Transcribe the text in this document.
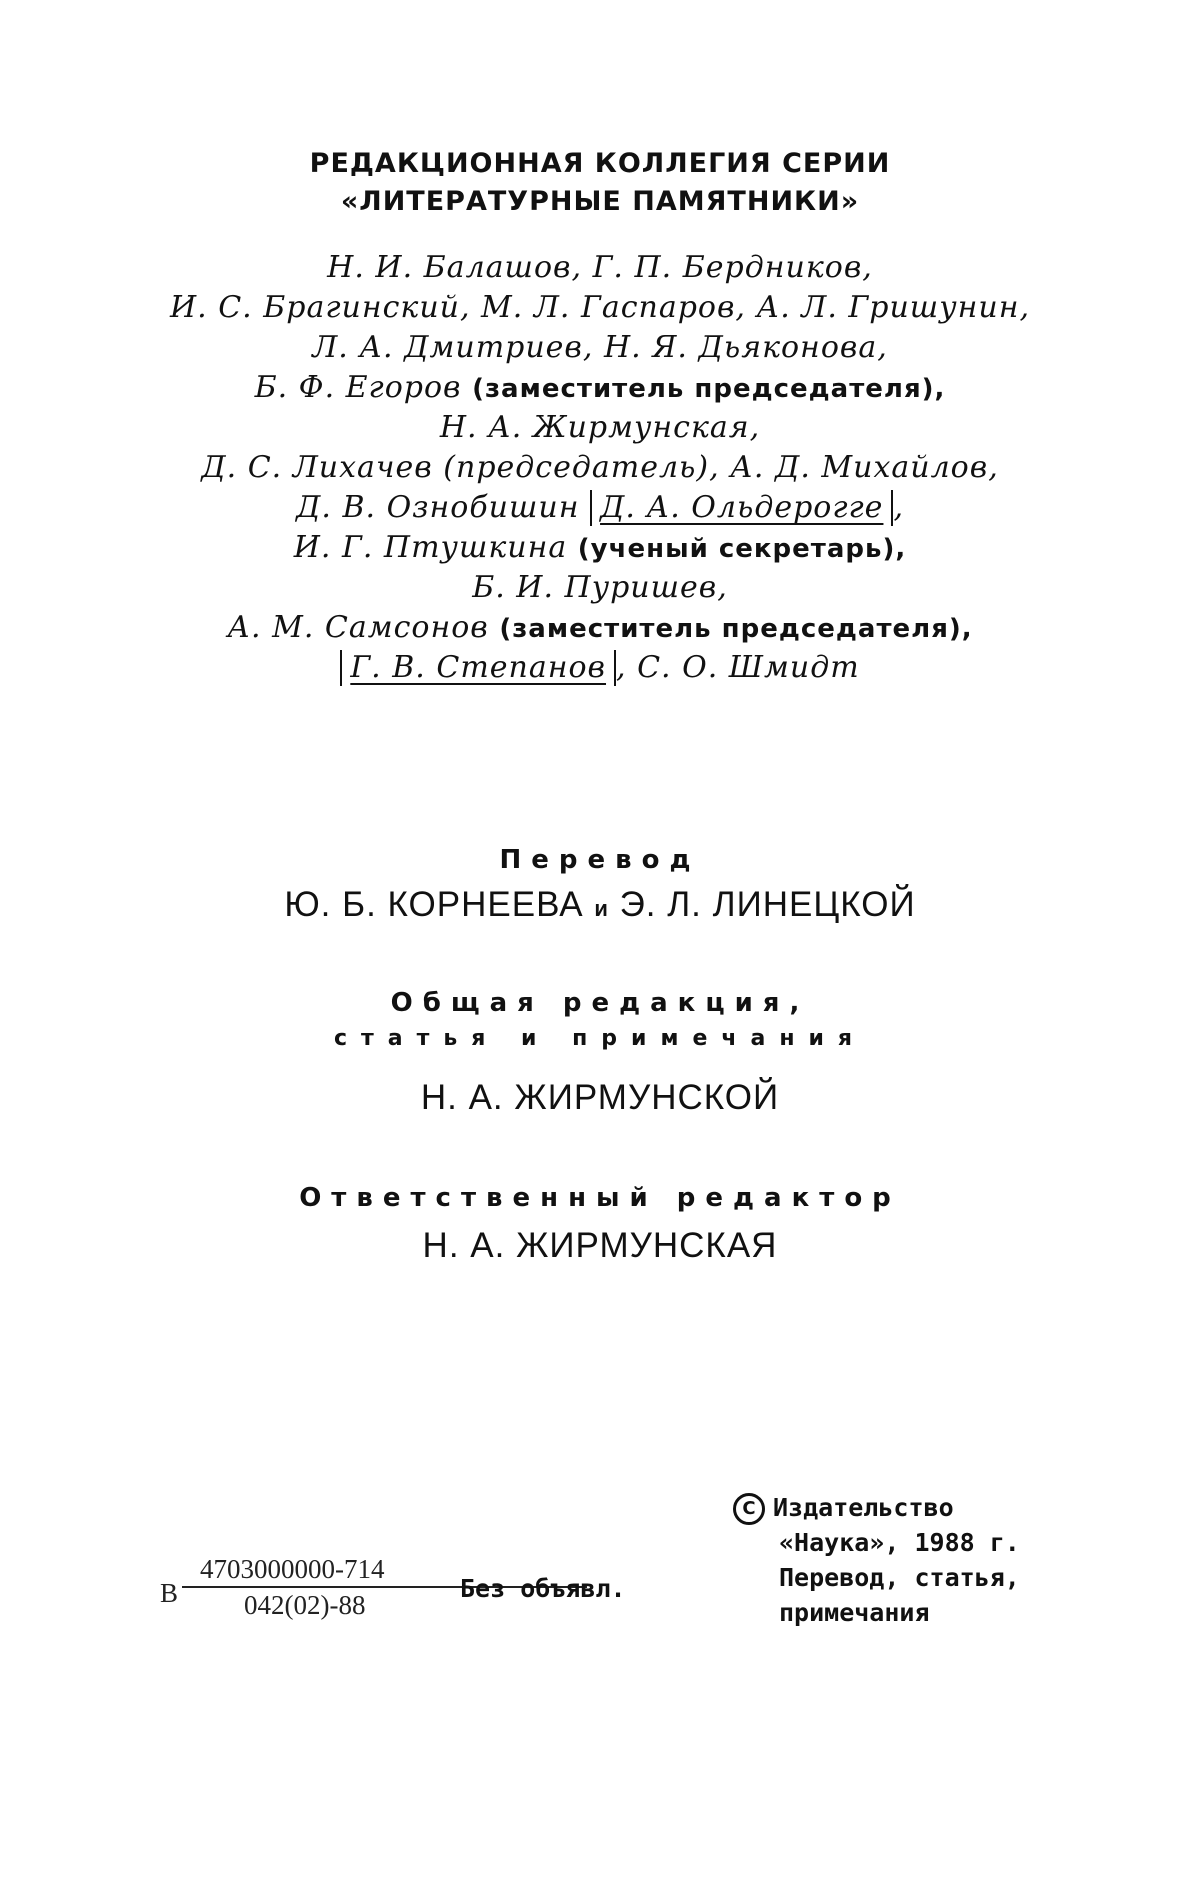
РЕДАКЦИОННАЯ КОЛЛЕГИЯ СЕРИИ
«ЛИТЕРАТУРНЫЕ ПАМЯТНИКИ»
Н. И. Балашов, Г. П. Бердников,
И. С. Брагинский, М. Л. Гаспаров, А. Л. Гришунин,
Л. А. Дмитриев, Н. Я. Дьяконова,
Б. Ф. Егоров (заместитель председателя),
Н. А. Жирмунская,
Д. С. Лихачев (председатель), А. Д. Михайлов,
Д. В. Ознобишин Д. А. Ольдерогге ,
И. Г. Птушкина (ученый секретарь),
Б. И. Пуришев,
А. М. Самсонов (заместитель председателя),
Г. В. Степанов , С. О. Шмидт
Перевод
Ю. Б. КОРНЕЕВА и Э. Л. ЛИНЕЦКОЙ
Общая редакция,
статья и примечания
Н. А. ЖИРМУНСКОЙ
Ответственный редактор
Н. А. ЖИРМУНСКАЯ
В $\frac{4703000000-714}{042(02)-88}$
Без объявл.
C Издательство
«Наука», 1988 г.
Перевод, статья,
примечания
